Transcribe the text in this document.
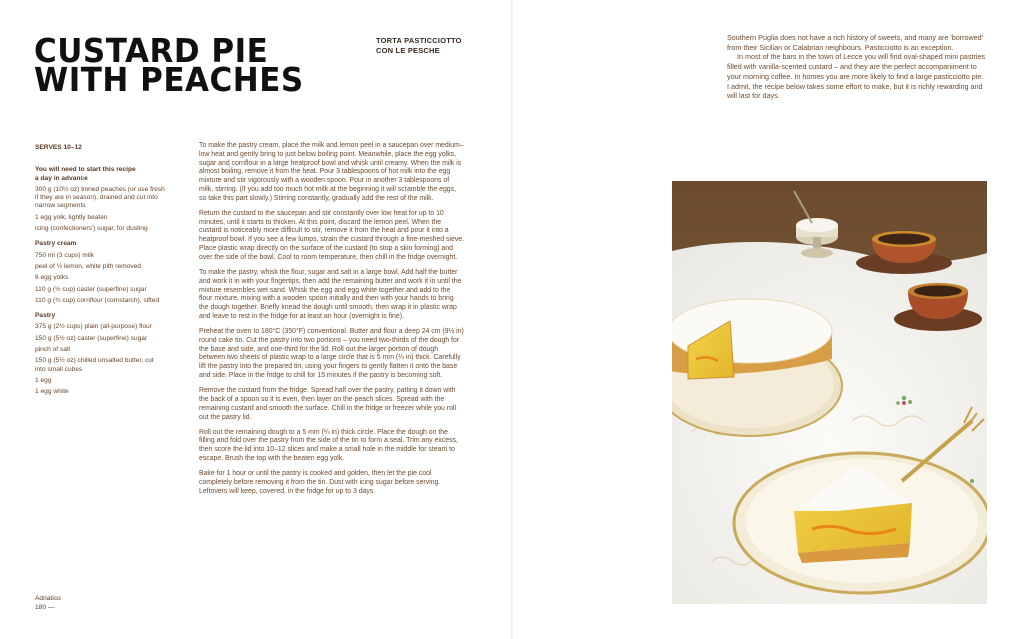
CUSTARD PIE
WITH PEACHES
TORTA PASTICCIOTTO
CON LE PESCHE
SERVES 10–12
You will need to start this recipe
a day in advance
300 g (10½ oz) tinned peaches (or use fresh if they are in season), drained and cut into narrow segments
1 egg yolk, lightly beaten
icing (confectioners') sugar, for dusting
Pastry cream
750 ml (3 cups) milk
peel of ½ lemon, white pith removed
6 egg yolks
110 g (½ cup) caster (superfine) sugar
110 g (¾ cup) cornflour (cornstarch), sifted
Pastry
375 g (2½ cups) plain (all-purpose) flour
150 g (5½ oz) caster (superfine) sugar
pinch of salt
150 g (5½ oz) chilled unsalted butter, cut into small cubes
1 egg
1 egg white

To make the pastry cream, place the milk and lemon peel in a saucepan over medium–low heat and gently bring to just below boiling point. Meanwhile, place the egg yolks, sugar and cornflour in a large heatproof bowl and whisk until creamy. When the milk is almost boiling, remove it from the heat. Pour 3 tablespoons of hot milk into the egg mixture and stir vigorously with a wooden spoon. Pour in another 3 tablespoons of milk, stirring. (If you add too much hot milk at the beginning it will scramble the eggs, so take this part slowly.) Stirring constantly, gradually add the rest of the milk.

Return the custard to the saucepan and stir constantly over low heat for up to 10 minutes, until it starts to thicken. At this point, discard the lemon peel. When the custard is noticeably more difficult to stir, remove it from the heat and pour it into a heatproof bowl. If you see a few lumps, strain the custard through a fine-meshed sieve. Place plastic wrap directly on the surface of the custard (to stop a skin forming) and over the side of the bowl. Cool to room temperature, then chill in the fridge overnight.

To make the pastry, whisk the flour, sugar and salt in a large bowl. Add half the butter and work it in with your fingertips, then add the remaining butter and work it in until the mixture resembles wet sand. Whisk the egg and egg white together and add to the flour mixture, mixing with a wooden spoon initially and then with your hands to bring the dough together. Briefly knead the dough until smooth, then wrap it in plastic wrap and leave to rest in the fridge for at least an hour (overnight is fine).

Preheat the oven to 180°C (350°F) conventional. Butter and flour a deep 24 cm (9½ in) round cake tin. Cut the pastry into two portions – you need two-thirds of the dough for the base and side, and one-third for the lid. Roll out the larger portion of dough between two sheets of plastic wrap to a large circle that is 5 mm (¼ in) thick. Carefully lift the pastry into the prepared tin, using your fingers to gently flatten it onto the base and side. Place in the fridge to chill for 15 minutes if the pastry is becoming soft.

Remove the custard from the fridge. Spread half over the pastry, patting it down with the back of a spoon so it is even, then layer on the peach slices. Spread with the remaining custard and smooth the surface. Chill in the fridge or freezer while you roll out the pastry lid.

Roll out the remaining dough to a 5 mm (¼ in) thick circle. Place the dough on the filling and fold over the pastry from the side of the tin to form a seal. Trim any excess, then score the lid into 10–12 slices and make a small hole in the middle for steam to escape. Brush the top with the beaten egg yolk.

Bake for 1 hour or until the pastry is cooked and golden, then let the pie cool completely before removing it from the tin. Dust with icing sugar before serving. Leftovers will keep, covered, in the fridge for up to 3 days.

Adriatico
180 —

Southern Puglia does not have a rich history of sweets, and many are 'borrowed' from their Sicilian or Calabrian neighbours. Pasticciotto is an exception.

In most of the bars in the town of Lecce you will find oval-shaped mini pastries filled with vanilla-scented custard – and they are the perfect accompaniment to your morning coffee. In homes you are more likely to find a large pasticciotto pie. I admit, the recipe below takes some effort to make, but it is richly rewarding and will last for days.
